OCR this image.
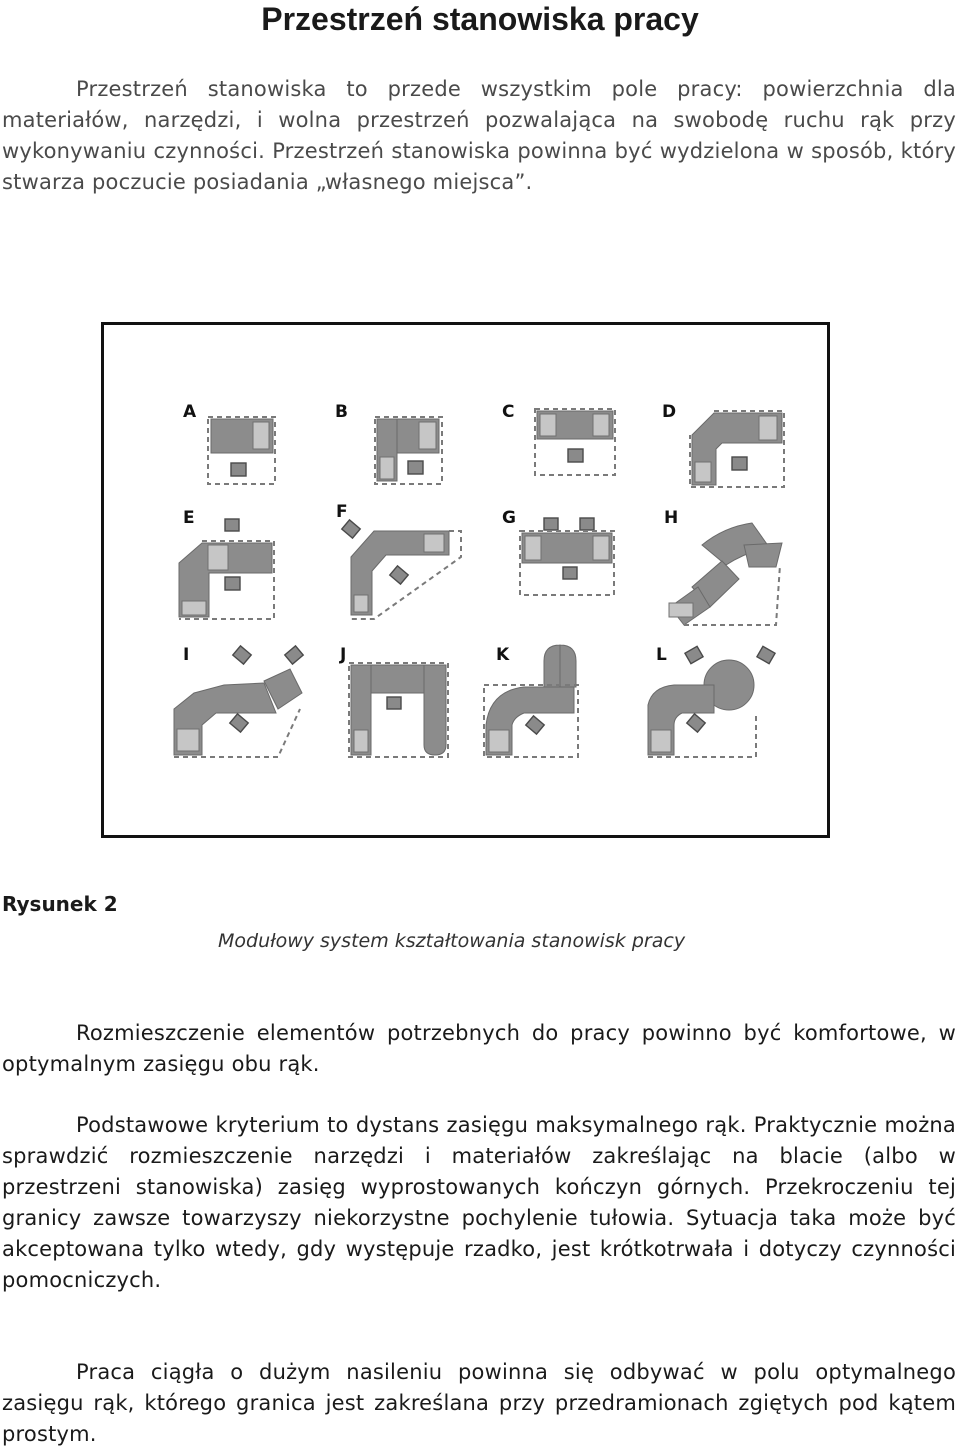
Przestrzeń stanowiska pracy

Przestrzeń stanowiska to przede wszystkim pole pracy: powierzchnia dla materiałów, narzędzi, i wolna przestrzeń pozwalająca na swobodę ruchu rąk przy wykonywaniu czynności. Przestrzeń stanowiska powinna być wydzielona w sposób, który stwarza poczucie posiadania „własnego miejsca”.

A	B	C	D
E	F	G	H
I	J	K	L

Rysunek 2

Modułowy system kształtowania stanowisk pracy

Rozmieszczenie elementów potrzebnych do pracy powinno być komfortowe, w optymalnym zasięgu obu rąk.

Podstawowe kryterium to dystans zasięgu maksymalnego rąk. Praktycznie można sprawdzić rozmieszczenie narzędzi i materiałów zakreślając na blacie (albo w przestrzeni stanowiska) zasięg wyprostowanych kończyn górnych. Przekroczeniu tej granicy zawsze towarzyszy niekorzystne pochylenie tułowia. Sytuacja taka może być akceptowana tylko wtedy, gdy występuje rzadko, jest krótkotrwała i dotyczy czynności pomocniczych.

Praca ciągła o dużym nasileniu powinna się odbywać w polu optymalnego zasięgu rąk, którego granica jest zakreślana przy przedramionach zgiętych pod kątem prostym.
